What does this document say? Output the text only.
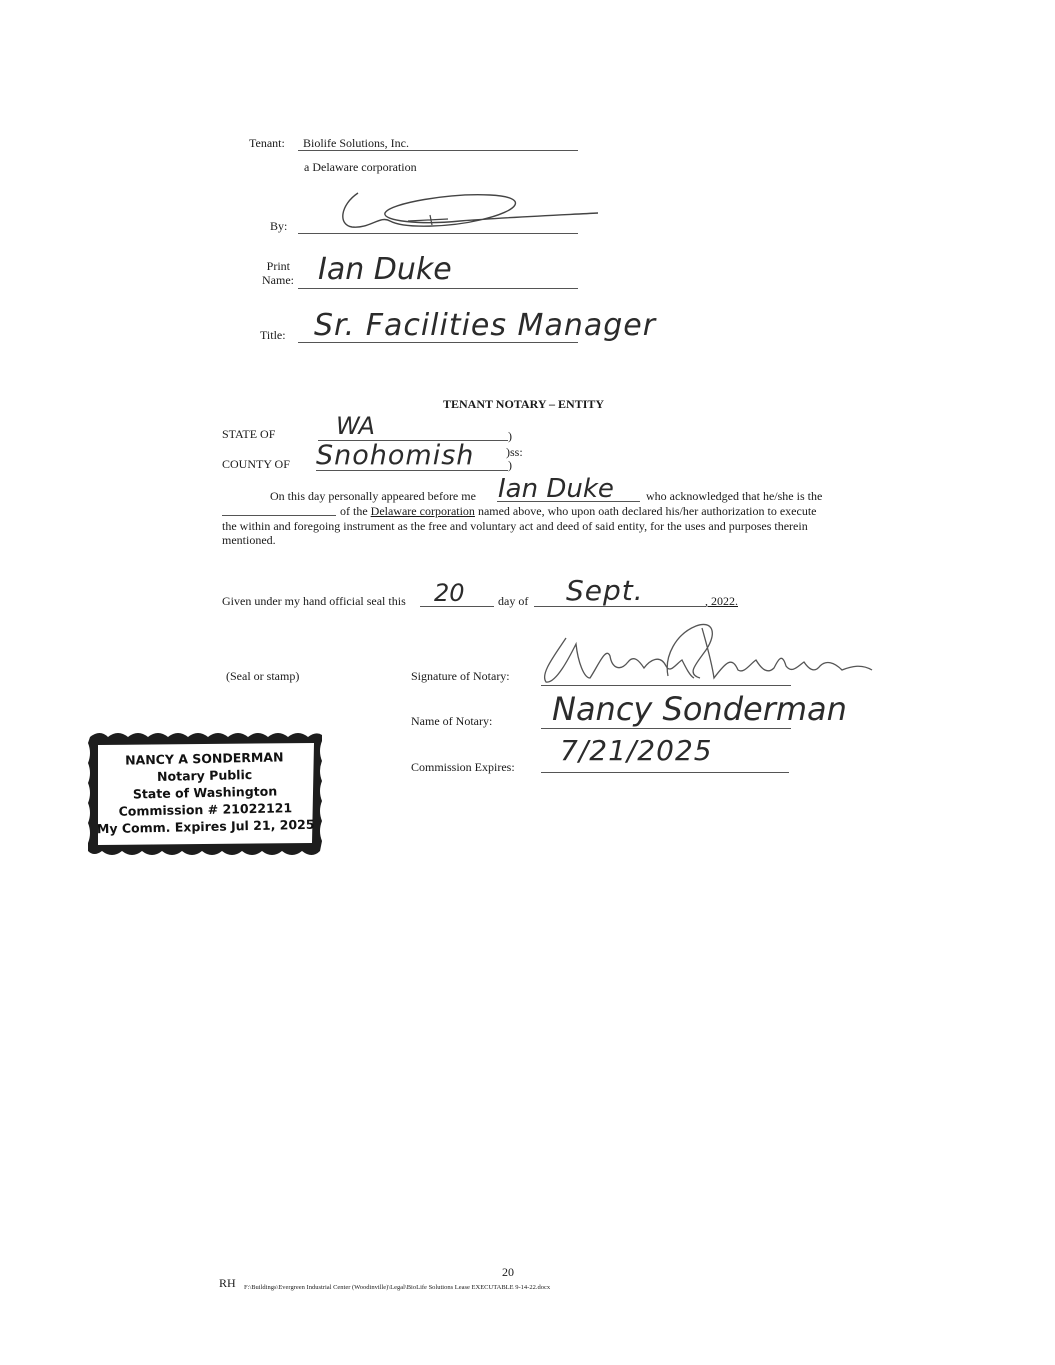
Tenant: Biolife Solutions, Inc.
a Delaware corporation
By:
Print
Name: Ian Duke
Title: Sr. Facilities Manager
TENANT NOTARY – ENTITY
STATE OF	WA	)
)ss:
COUNTY OF Snohomish	)
On this day personally appeared before me Ian Duke	who acknowledged that he/she is the
of the Delaware corporation named above, who upon oath declared his/her authorization to execute
the within and foregoing instrument as the free and voluntary act and deed of said entity, for the uses and purposes therein
mentioned.
Given under my hand official seal this 20	day of Sept.	, 2022.
(Seal or stamp)	Signature of Notary:
Name of Notary: Nancy Sonderman
Commission Expires: 7/21/2025
NANCY A SONDERMAN
Notary Public
State of Washington
Commission # 21022121
My Comm. Expires Jul 21, 2025
20
RH F:\Buildings\Evergreen Industrial Center (Woodinville)\Legal\BioLife Solutions Lease EXECUTABLE 9-14-22.docx
